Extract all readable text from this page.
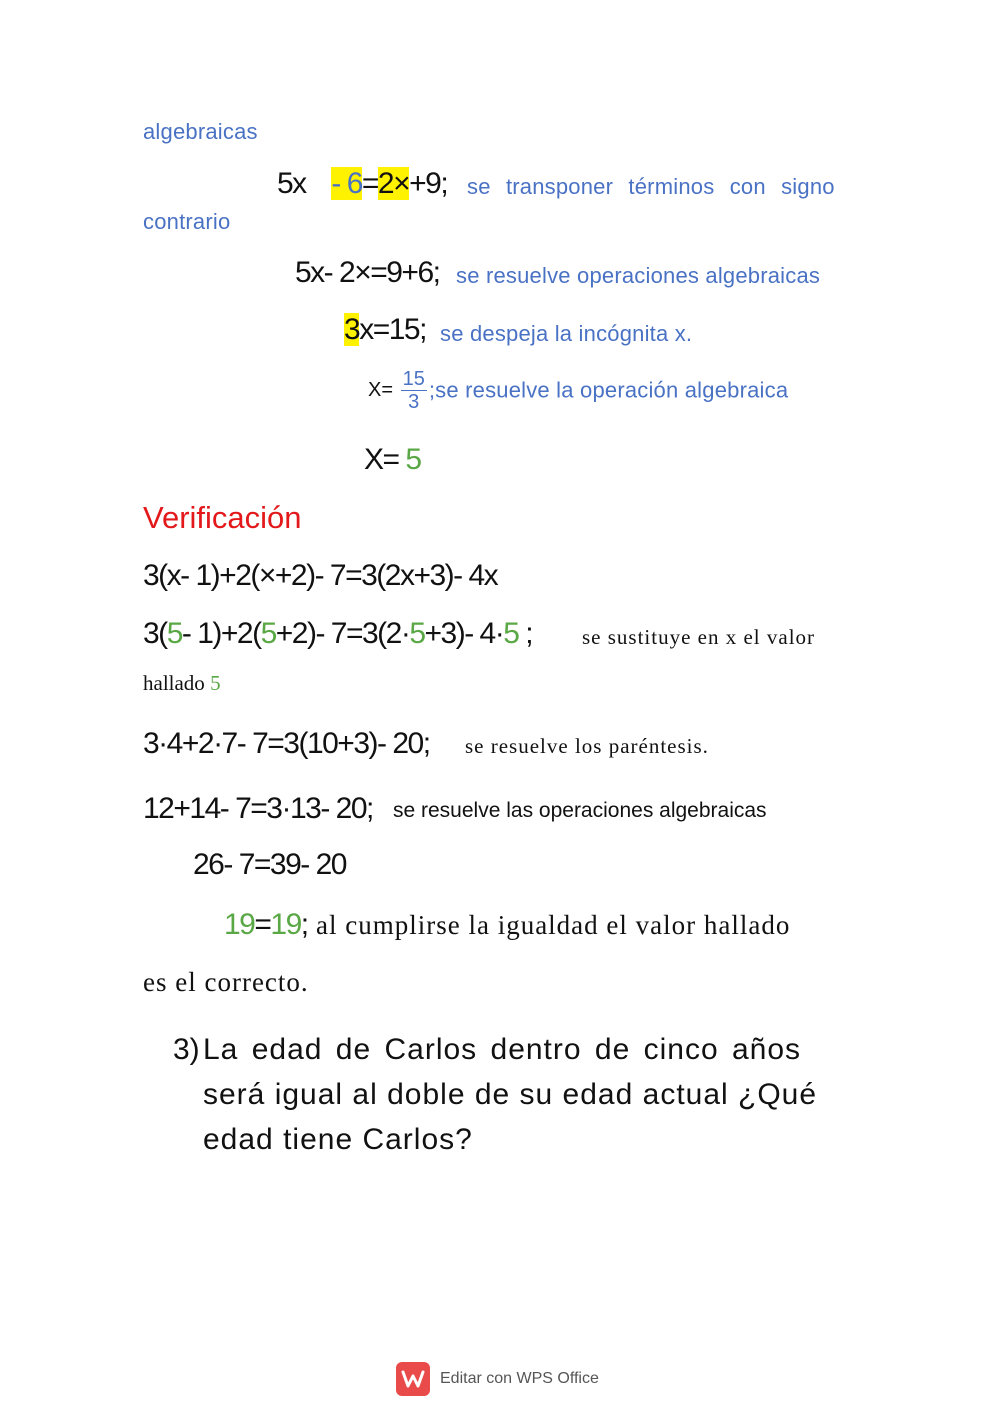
algebraicas
5x - 6=2×+9; se transponer términos con signo
contrario
5x- 2×=9+6; se resuelve operaciones algebraicas
3x=15; se despeja la incógnita x.
$X= \frac{15}{3}$ ;se resuelve la operación algebraica
X= 5
Verificación
3(x- 1)+2(×+2)- 7=3(2x+3)- 4x
3(5- 1)+2(5+2)- 7=3(2·5+3)- 4·5 ; se sustituye en x el valor
hallado 5
3·4+2·7- 7=3(10+3)- 20; se resuelve los paréntesis.
12+14- 7=3·13- 20; se resuelve las operaciones algebraicas
26- 7=39- 20
19=19; al cumplirse la igualdad el valor hallado
es el correcto.
3) La edad de Carlos dentro de cinco años
será igual al doble de su edad actual ¿Qué
edad tiene Carlos?
Editar con WPS Office
